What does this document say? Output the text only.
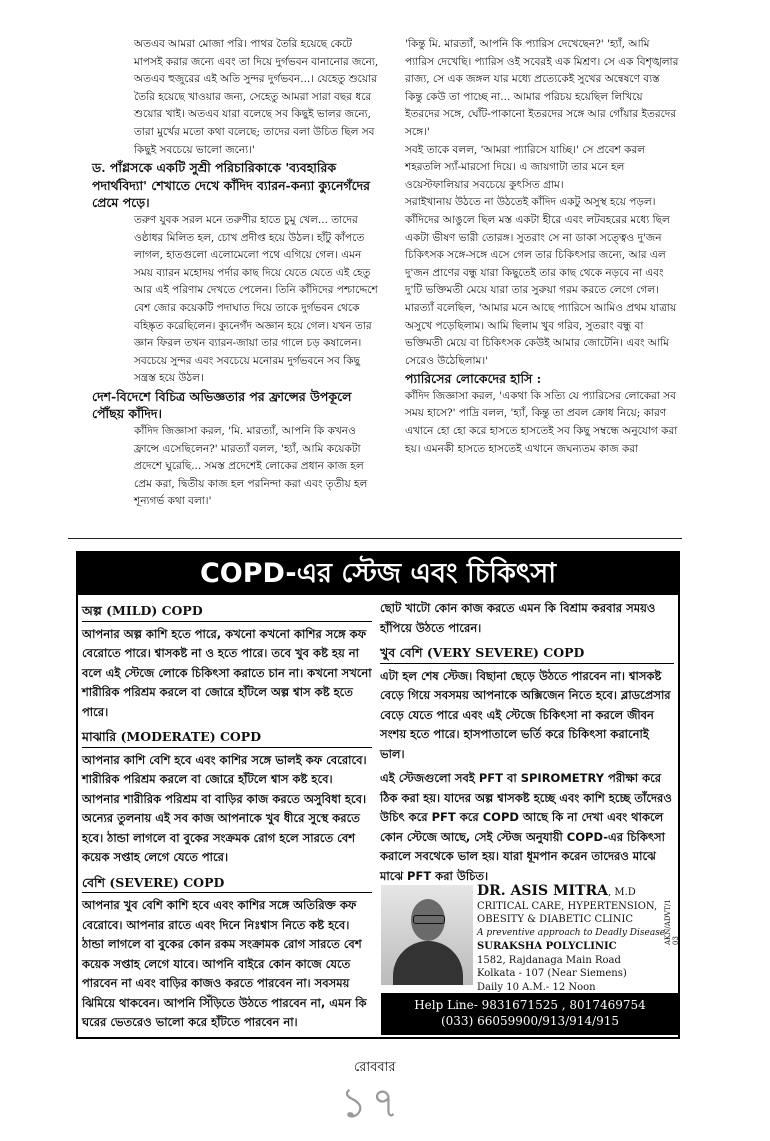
অতএব আমরা মোজা পরি। পাথর তৈরি হয়েছে কেটে মাপসই করার জন্যে এবং তা দিয়ে দুর্গভবন বানানোর জন্যে, অতএব হুজুরের এই অতি সুন্দর দুর্গভবন...। যেহেতু শুয়োর তৈরি হয়েছে খাওয়ার জন্য, সেহেতু আমরা সারা বছর ধরে শুয়োর খাই। অতএব যারা বলেছে সব কিছুই ভালর জন্যে, তারা মুর্খের মতো কথা বলেছে; তাদের বলা উচিত ছিল সব কিছুই সবচেয়ে ভালো জন্যে।'

ড. পাঁগ্লসকে একটি সুশ্রী পরিচারিকাকে 'ব্যবহারিক পদার্থবিদ্যা' শেখাতে দেখে কাঁদিদ ব্যারন-কন্যা ক্যুনেগঁদের প্রেমে পড়ে।

তরুণ যুবক সরল মনে তরুণীর হাতে চুমু খেল... তাদের ওষ্ঠাধর মিলিত হল, চোখ প্রদীপ্ত হয়ে উঠল। হাঁটু কাঁপতে লাগল, হাতগুলো এলোমেলো পথে এগিয়ে গেল। এমন সময় ব্যারন মহোদয় পর্দার কাছ দিয়ে যেতে যেতে এই হেতু আর এই পরিণাম দেখতে পেলেন। তিনি কাঁদিদের পশ্চাদ্দেশে বেশ জোর কয়েকটি পদাঘাত দিয়ে তাকে দুর্গভবন থেকে বহিষ্কৃত করেছিলেন। ক্যুনেগঁদ অজ্ঞান হয়ে গেল। যখন তার জ্ঞান ফিরল তখন ব্যারন-জায়া তার গালে চড় কষালেন। সবচেয়ে সুন্দর এবং সবচেয়ে মনোরম দুর্গভবনে সব কিছু সন্ত্রস্ত হয়ে উঠল।

দেশ-বিদেশে বিচিত্র অভিজ্ঞতার পর ফ্রান্সের উপকূলে পৌঁছয় কাঁদিদ।

কাঁদিদ জিজ্ঞাসা করল, 'মি. মারত্যাঁ, আপনি কি কখনও ফ্রান্সে এসেছিলেন?' মারত্যাঁ বলল, 'হ্যাঁ, আমি কয়েকটা প্রদেশে ঘুরেছি... সমস্ত প্রদেশেই লোকের প্রধান কাজ হল প্রেম করা, দ্বিতীয় কাজ হল পরনিন্দা করা এবং তৃতীয় হল শূন্যগর্ভ কথা বলা।'

'কিন্তু মি. মারত্যাঁ, আপনি কি প্যারিস দেখেছেন?' 'হ্যাঁ, আমি প্যারিস দেখেছি। প্যারিস ওই সবেরই এক মিশ্রণ। সে এক বিশৃঙ্খলার রাজ্য, সে এক জঙ্গল যার মধ্যে প্রত্যেকেই সুখের অন্বেষণে ব্যস্ত কিন্তু কেউ তা পাচ্ছে না... আমার পরিচয় হয়েছিল লিখিয়ে ইতরদের সঙ্গে, ঘোঁট-পাকানো ইতরদের সঙ্গে আর গোঁয়ার ইতরদের সঙ্গে।'

সবই তাকে বলল, 'আমরা প্যারিসে যাচ্ছি।' সে প্রবেশ করল শহরতলি স্যাঁ-মারসো দিয়ে। এ জায়গাটা তার মনে হল ওয়েস্টফালিয়ার সবচেয়ে কুৎসিত গ্রাম।

সরাইখানায় উঠতে না উঠতেই কাঁদিদ একটু অসুস্থ হয়ে পড়ল। কাঁদিদের আঙুলে ছিল মস্ত একটা হীরে এবং লটবহরের মধ্যে ছিল একটা ভীষণ ভারী তোরঙ্গ। সুতরাং সে না ডাকা সত্ত্বেও দু'জন চিকিৎসক সঙ্গে-সঙ্গে এসে গেল তার চিকিৎসার জন্যে, আর এল দু'জন প্রাণের বন্ধু যারা কিছুতেই তার কাছ থেকে নড়বে না এবং দু'টি ভক্তিমতী মেয়ে যারা তার সুরুয়া গরম করতে লেগে গেল।

মারত্যাঁ বলেছিল, 'আমার মনে আছে প্যারিসে আমিও প্রথম যাত্রায় অসুখে পড়েছিলাম। আমি ছিলাম খুব গরিব, সুতরাং বন্ধু বা ভক্তিমতী মেয়ে বা চিকিৎসক কেউই আমার জোটেনি। এবং আমি সেরেও উঠেছিলাম।'

প্যারিসের লোকেদের হাসি :

কাঁদিদ জিজ্ঞাসা করল, 'একথা কি সত্যি যে প্যারিসের লোকেরা সব সময় হাসে?' পাদ্রি বলল, 'হ্যাঁ, কিন্তু তা প্রবল ক্রোধ নিয়ে; কারণ এখানে হো হো করে হাসতে হাসতেই সব কিছু সম্বন্ধে অনুযোগ করা হয়। এমনকী হাসতে হাসতেই এখানে জঘন্যতম কাজ করা

COPD-এর স্টেজ এবং চিকিৎসা
অল্প (MILD) COPD

আপনার অল্প কাশি হতে পারে, কখনো কখনো কাশির সঙ্গে কফ বেরোতে পারে। শ্বাসকষ্ট না ও হতে পারে। তবে খুব কষ্ট হয় না বলে এই স্টেজে লোকে চিকিৎসা করাতে চান না। কখনো সখনো শারীরিক পরিশ্রম করলে বা জোরে হাঁটলে অল্প শ্বাস কষ্ট হতে পারে।

মাঝারি (MODERATE) COPD

আপনার কাশি বেশি হবে এবং কাশির সঙ্গে ভালই কফ বেরোবে। শারীরিক পরিশ্রম করলে বা জোরে হাঁটলে শ্বাস কষ্ট হবে। আপনার শারীরিক পরিশ্রম বা বাড়ির কাজ করতে অসুবিধা হবে। অন্যের তুলনায় এই সব কাজ আপনাকে খুব ধীরে সুস্থে করতে হবে। ঠান্ডা লাগলে বা বুকের সংক্রমক রোগ হলে সারতে বেশ কয়েক সপ্তাহ লেগে যেতে পারে।

বেশি (SEVERE) COPD

আপনার খুব বেশি কাশি হবে এবং কাশির সঙ্গে অতিরিক্ত কফ বেরোবে। আপনার রাতে এবং দিনে নিঃশ্বাস নিতে কষ্ট হবে। ঠান্ডা লাগলে বা বুকের কোন রকম সংক্রামক রোগ সারতে বেশ কয়েক সপ্তাহ লেগে যাবে। আপনি বাইরে কোন কাজে যেতে পারবেন না এবং বাড়ির কাজও করতে পারবেন না। সবসময় ঝিমিয়ে থাকবেন। আপনি সিঁড়িতে উঠতে পারবেন না, এমন কি ঘরের ভেতরেও ভালো করে হাঁটতে পারবেন না।

ছোট খাটো কোন কাজ করতে এমন কি বিশ্রাম করবার সময়ও হাঁপিয়ে উঠতে পারেন।

খুব বেশি (VERY SEVERE) COPD

এটা হল শেষ স্টেজ। বিছানা ছেড়ে উঠতে পারবেন না। শ্বাসকষ্ট বেড়ে গিয়ে সবসময় আপনাকে অক্সিজেন নিতে হবে। ব্লাডপ্রেসার বেড়ে যেতে পারে এবং এই স্টেজে চিকিৎসা না করলে জীবন সংশয় হতে পারে। হাসপাতালে ভর্তি করে চিকিৎসা করানোই ভাল।

এই স্টেজগুলো সবই PFT বা SPIROMETRY পরীক্ষা করে ঠিক করা হয়। যাদের অল্প শ্বাসকষ্ট হচ্ছে এবং কাশি হচ্ছে তাঁদেরও উচিৎ করে PFT করে COPD আছে কি না দেখা এবং থাকলে কোন স্টেজে আছে, সেই স্টেজ অনুযায়ী COPD-এর চিকিৎসা করালে সবথেকে ভাল হয়। যারা ধূমপান করেন তাদেরও মাঝে মাঝে PFT করা উচিত।

DR. ASIS MITRA, M.D
CRITICAL CARE, HYPERTENSION,
OBESITY & DIABETIC CLINIC
A preventive approach to Deadly Disease
SURAKSHA POLYCLINIC
1582, Rajdanaga Main Road
Kolkata - 107 (Near Siemens)
Daily 10 A.M.- 12 Noon
AKN/ADVT/1 03
Help Line- 9831671525 , 8017469754
(033) 66059900/913/914/915
রোববার
১৭
